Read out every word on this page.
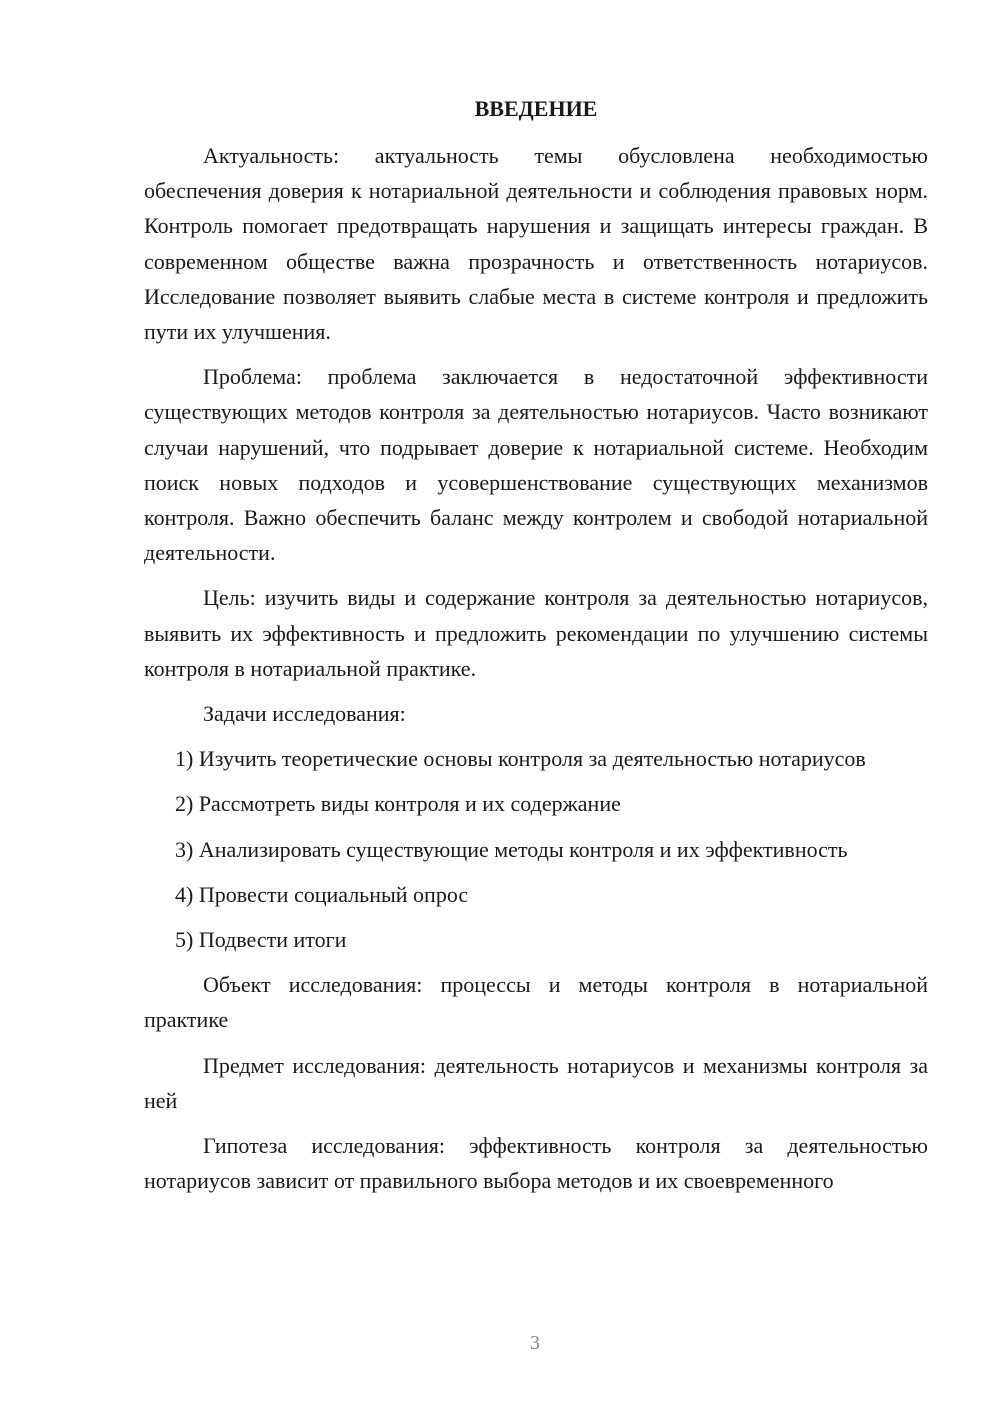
ВВЕДЕНИЕ

Актуальность: актуальность темы обусловлена необходимостью обеспечения доверия к нотариальной деятельности и соблюдения правовых норм. Контроль помогает предотвращать нарушения и защищать интересы граждан. В современном обществе важна прозрачность и ответственность нотариусов. Исследование позволяет выявить слабые места в системе контроля и предложить пути их улучшения.

Проблема: проблема заключается в недостаточной эффективности существующих методов контроля за деятельностью нотариусов. Часто возникают случаи нарушений, что подрывает доверие к нотариальной системе. Необходим поиск новых подходов и усовершенствование существующих механизмов контроля. Важно обеспечить баланс между контролем и свободой нотариальной деятельности.

Цель: изучить виды и содержание контроля за деятельностью нотариусов, выявить их эффективность и предложить рекомендации по улучшению системы контроля в нотариальной практике.

Задачи исследования:

1) Изучить теоретические основы контроля за деятельностью нотариусов

2) Рассмотреть виды контроля и их содержание

3) Анализировать существующие методы контроля и их эффективность

4) Провести социальный опрос

5) Подвести итоги

Объект исследования: процессы и методы контроля в нотариальной практике

Предмет исследования: деятельность нотариусов и механизмы контроля за ней

Гипотеза исследования: эффективность контроля за деятельностью нотариусов зависит от правильного выбора методов и их своевременного

3
